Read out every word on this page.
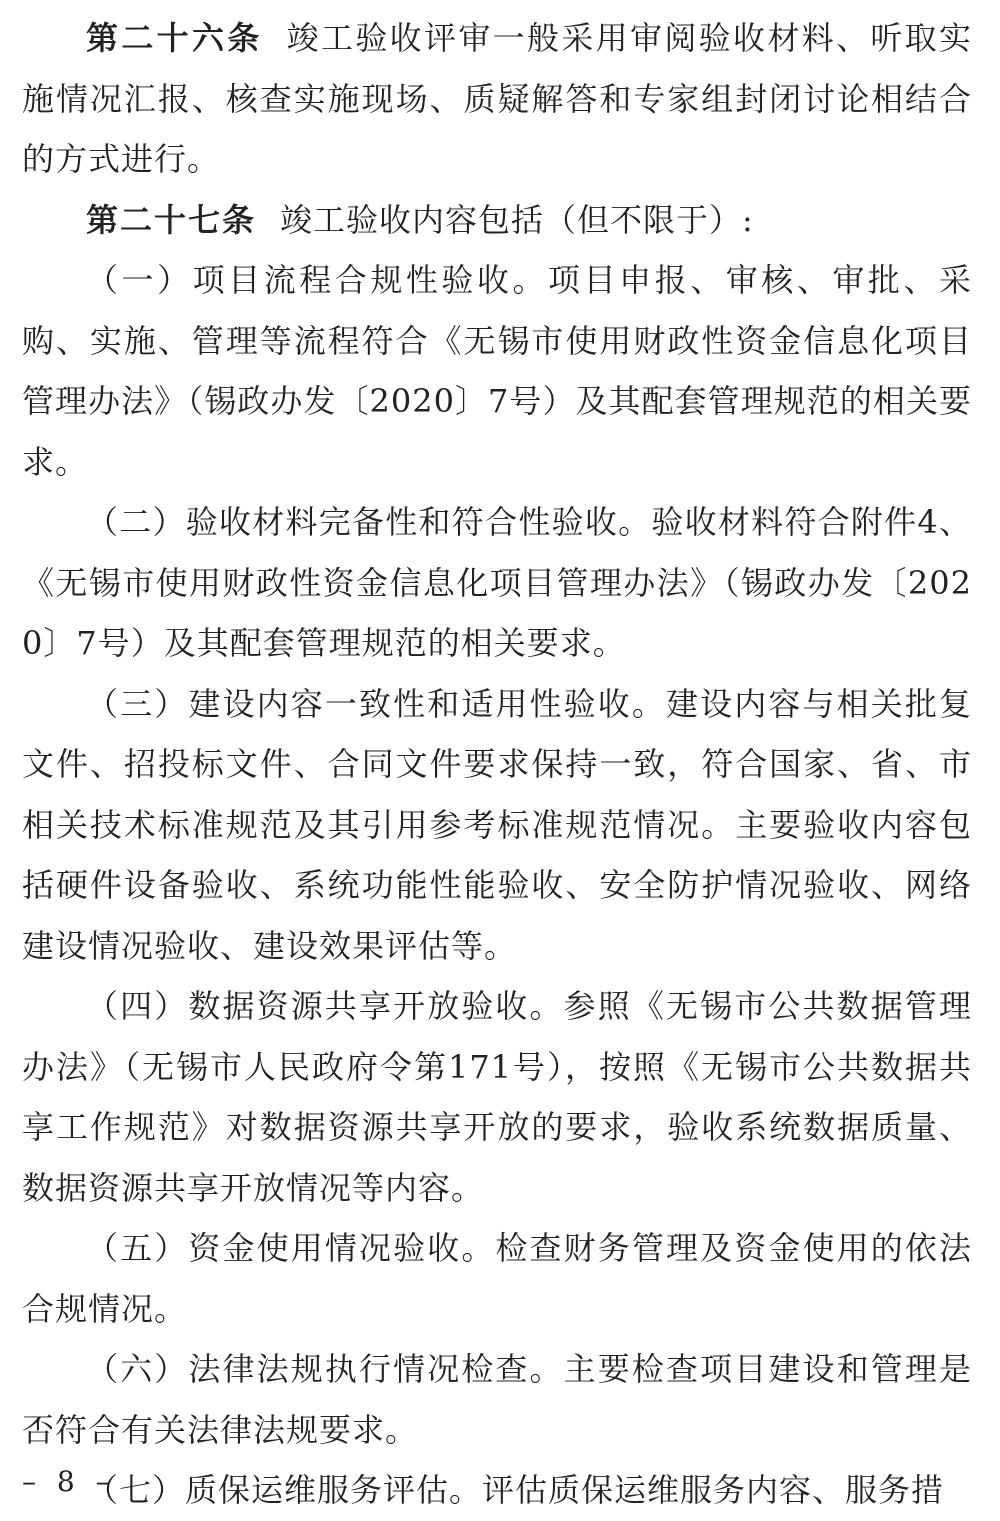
第二十六条 竣工验收评审一般采用审阅验收材料、听取实施情况汇报、核查实施现场、质疑解答和专家组封闭讨论相结合的方式进行。

第二十七条 竣工验收内容包括（但不限于）:

（一）项目流程合规性验收。项目申报、审核、审批、采购、实施、管理等流程符合《无锡市使用财政性资金信息化项目管理办法》（锡政办发〔2020〕7号）及其配套管理规范的相关要求。

（二）验收材料完备性和符合性验收。验收材料符合附件4、《无锡市使用财政性资金信息化项目管理办法》（锡政办发〔2020〕7号）及其配套管理规范的相关要求。

（三）建设内容一致性和适用性验收。建设内容与相关批复文件、招投标文件、合同文件要求保持一致，符合国家、省、市相关技术标准规范及其引用参考标准规范情况。主要验收内容包括硬件设备验收、系统功能性能验收、安全防护情况验收、网络建设情况验收、建设效果评估等。

（四）数据资源共享开放验收。参照《无锡市公共数据管理办法》（无锡市人民政府令第171号），按照《无锡市公共数据共享工作规范》对数据资源共享开放的要求，验收系统数据质量、数据资源共享开放情况等内容。

（五）资金使用情况验收。检查财务管理及资金使用的依法合规情况。

（六）法律法规执行情况检查。主要检查项目建设和管理是否符合有关法律法规要求。

（七）质保运维服务评估。评估质保运维服务内容、服务措

– 8 –
